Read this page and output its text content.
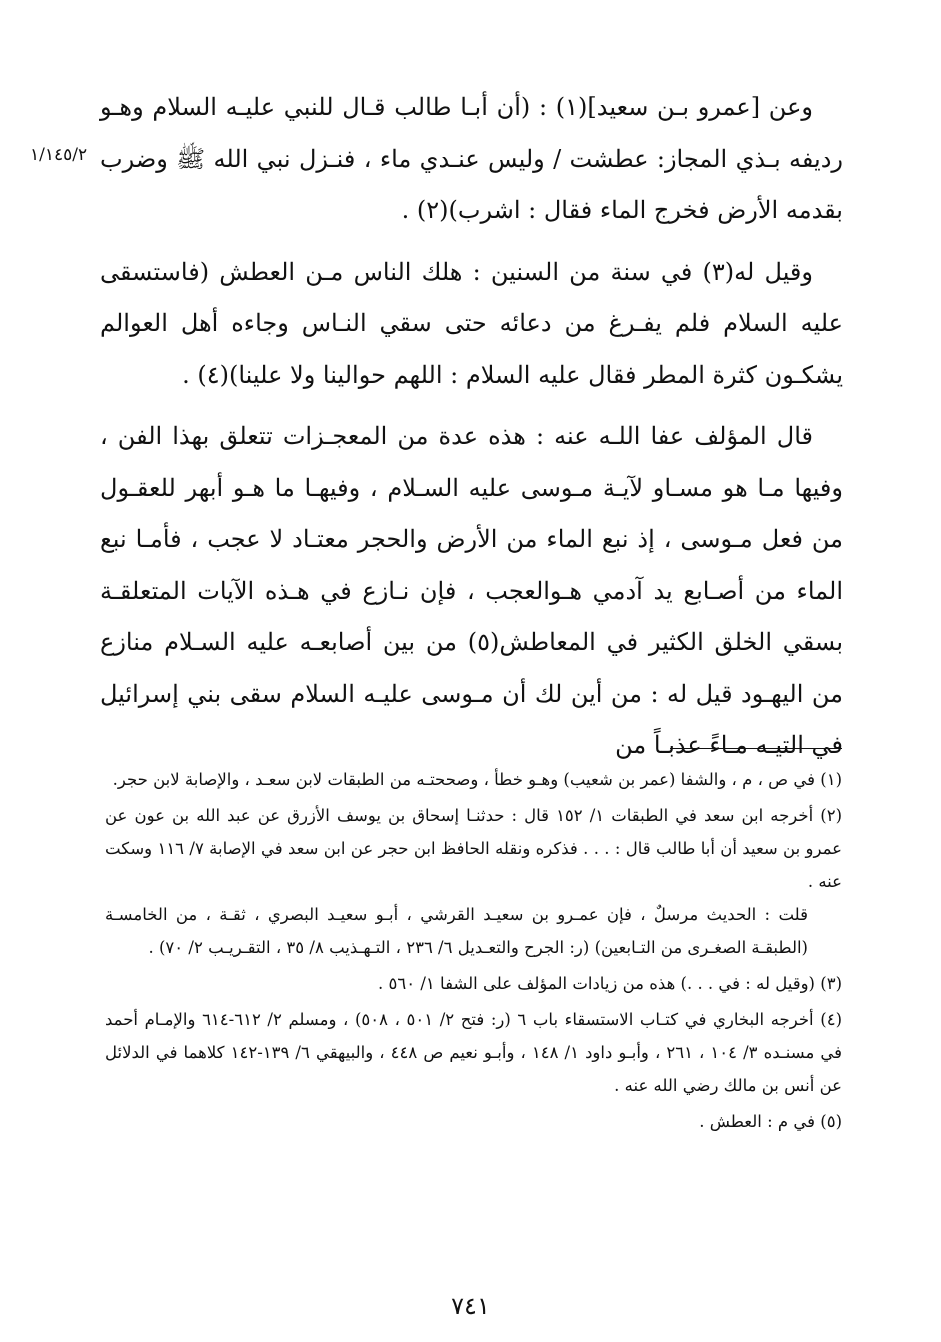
١/١٤٥/٢

وعن [عمرو بـن سعيد](١) : (أن أبـا طالب قـال للنبي عليـه السلام وهـو رديفه بـذي المجاز: عطشت / وليس عنـدي ماء ، فنـزل نبي الله ﷺ وضرب بقدمه الأرض فخرج الماء فقال : اشرب)(٢) .

وقيل له(٣) في سنة من السنين : هلك الناس مـن العطش (فاستسقى عليه السلام فلم يفـرغ من دعائه حتى سقي النـاس وجاءه أهل العوالم يشكـون كثرة المطر فقال عليه السلام : اللهم حوالينا ولا علينا)(٤) .

قال المؤلف عفا اللـه عنه : هذه عدة من المعجـزات تتعلق بهذا الفن ، وفيها مـا هو مسـاو لآيـة مـوسى عليه السـلام ، وفيهـا ما هـو أبهر للعقـول من فعل مـوسى ، إذ نبع الماء من الأرض والحجر معتـاد لا عجب ، فأمـا نبع الماء من أصـابع يد آدمي هـوالعجب ، فإن نـازع في هـذه الآيات المتعلقـة بسقي الخلق الكثير في المعاطش(٥) من بين أصابعـه عليه السـلام منازع من اليهـود قيل له : من أين لك أن مـوسى عليـه السلام سقى بني إسرائيل في التيـه مـاءً عذبـاً من

(١) في ص ، م ، والشفا (عمر بن شعيب) وهـو خطأ ، وصححتـه من الطبقات لابن سعـد ، والإصابة لابن حجر.
(٢) أخرجه ابن سعد في الطبقات ١/ ١٥٢ قال : حدثنـا إسحاق بن يوسف الأزرق عن عبد الله بن عون عن عمرو بن سعيد أن أبا طالب قال : . . . فذكره ونقله الحافظ ابن حجر عن ابن سعد في الإصابة ٧/ ١١٦ وسكت عنه .
قلت : الحديث مرسلٌ ، فإن عمـرو بن سعيـد القرشي ، أبـو سعيـد البصري ، ثقـة ، من الخامسـة (الطبقـة الصغـرى من التـابعين) (ر: الجرح والتعـديل ٦/ ٢٣٦ ، التـهـذيب ٨/ ٣٥ ، التقـريـب ٢/ ٧٠) .
(٣) (وقيل له : في . . .) هذه من زيادات المؤلف على الشفا ١/ ٥٦٠ .
(٤) أخرجه البخاري في كتـاب الاستسقاء باب ٦ (ر: فتح ٢/ ٥٠١ ، ٥٠٨) ، ومسلم ٢/ ٦١٢-٦١٤ والإمـام أحمد في مسنـده ٣/ ١٠٤ ، ٢٦١ ، وأبـو داود ١/ ١٤٨ ، وأبـو نعيم ص ٤٤٨ ، والبيهقي ٦/ ١٣٩-١٤٢ كلاهما في الدلائل عن أنس بن مالك رضي الله عنه .
(٥) في م : العطش .
٧٤١
